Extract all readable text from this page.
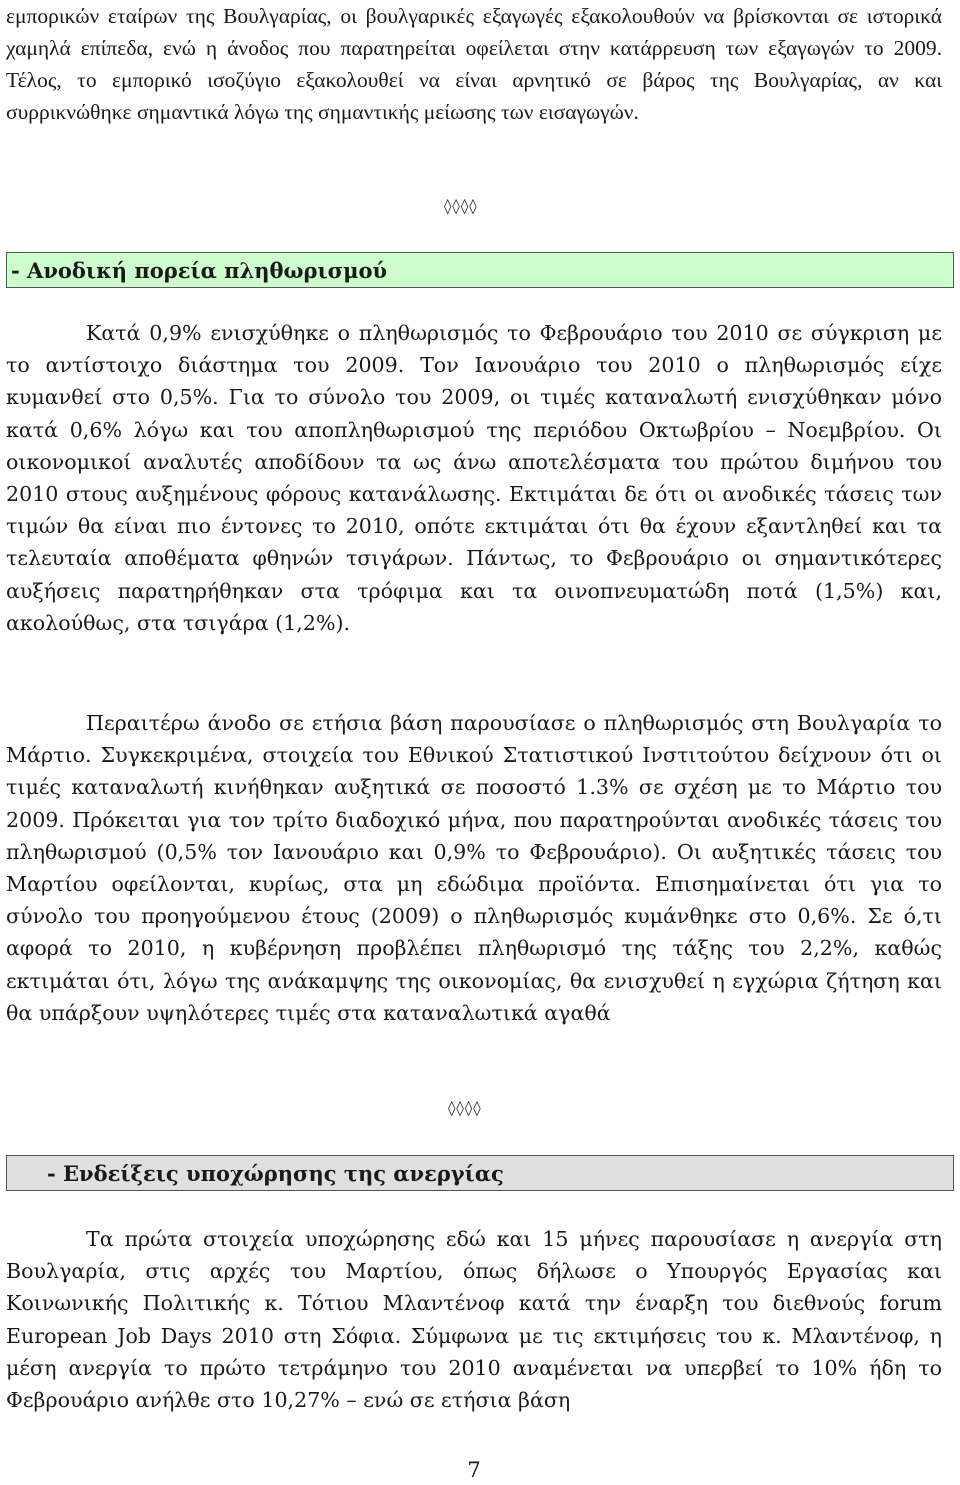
εμπορικών εταίρων της Βουλγαρίας, οι βουλγαρικές εξαγωγές εξακολουθούν να βρίσκονται σε ιστορικά χαμηλά επίπεδα, ενώ η άνοδος που παρατηρείται οφείλεται στην κατάρρευση των εξαγωγών το 2009. Τέλος, το εμπορικό ισοζύγιο εξακολουθεί να είναι αρνητικό σε βάρος της Βουλγαρίας, αν και συρρικνώθηκε σημαντικά λόγω της σημαντικής μείωσης των εισαγωγών.

◊◊◊◊
- Ανοδική πορεία πληθωρισμού

Κατά 0,9% ενισχύθηκε ο πληθωρισμός το Φεβρουάριο του 2010 σε σύγκριση με το αντίστοιχο διάστημα του 2009. Τον Ιανουάριο του 2010 ο πληθωρισμός είχε κυμανθεί στο 0,5%. Για το σύνολο του 2009, οι τιμές καταναλωτή ενισχύθηκαν μόνο κατά 0,6% λόγω και του αποπληθωρισμού της περιόδου Οκτωβρίου – Νοεμβρίου. Οι οικονομικοί αναλυτές αποδίδουν τα ως άνω αποτελέσματα του πρώτου διμήνου του 2010 στους αυξημένους φόρους κατανάλωσης. Εκτιμάται δε ότι οι ανοδικές τάσεις των τιμών θα είναι πιο έντονες το 2010, οπότε εκτιμάται ότι θα έχουν εξαντληθεί και τα τελευταία αποθέματα φθηνών τσιγάρων. Πάντως, το Φεβρουάριο οι σημαντικότερες αυξήσεις παρατηρήθηκαν στα τρόφιμα και τα οινοπνευματώδη ποτά (1,5%) και, ακολούθως, στα τσιγάρα (1,2%).

Περαιτέρω άνοδο σε ετήσια βάση παρουσίασε ο πληθωρισμός στη Βουλγαρία το Μάρτιο. Συγκεκριμένα, στοιχεία του Εθνικού Στατιστικού Ινστιτούτου δείχνουν ότι οι τιμές καταναλωτή κινήθηκαν αυξητικά σε ποσοστό 1.3% σε σχέση με το Μάρτιο του 2009. Πρόκειται για τον τρίτο διαδοχικό μήνα, που παρατηρούνται ανοδικές τάσεις του πληθωρισμού (0,5% τον Ιανουάριο και 0,9% το Φεβρουάριο). Οι αυξητικές τάσεις του Μαρτίου οφείλονται, κυρίως, στα μη εδώδιμα προϊόντα. Επισημαίνεται ότι για το σύνολο του προηγούμενου έτους (2009) ο πληθωρισμός κυμάνθηκε στο 0,6%. Σε ό,τι αφορά το 2010, η κυβέρνηση προβλέπει πληθωρισμό της τάξης του 2,2%, καθώς εκτιμάται ότι, λόγω της ανάκαμψης της οικονομίας, θα ενισχυθεί η εγχώρια ζήτηση και θα υπάρξουν υψηλότερες τιμές στα καταναλωτικά αγαθά

◊◊◊◊
- Ενδείξεις υποχώρησης της ανεργίας

Τα πρώτα στοιχεία υποχώρησης εδώ και 15 μήνες παρουσίασε η ανεργία στη Βουλγαρία, στις αρχές του Μαρτίου, όπως δήλωσε ο Υπουργός Εργασίας και Κοινωνικής Πολιτικής κ. Τότιου Μλαντένοφ κατά την έναρξη του διεθνούς forum European Job Days 2010 στη Σόφια. Σύμφωνα με τις εκτιμήσεις του κ. Μλαντένοφ, η μέση ανεργία το πρώτο τετράμηνο του 2010 αναμένεται να υπερβεί το 10% ήδη το Φεβρουάριο ανήλθε στο 10,27% – ενώ σε ετήσια βάση

7
